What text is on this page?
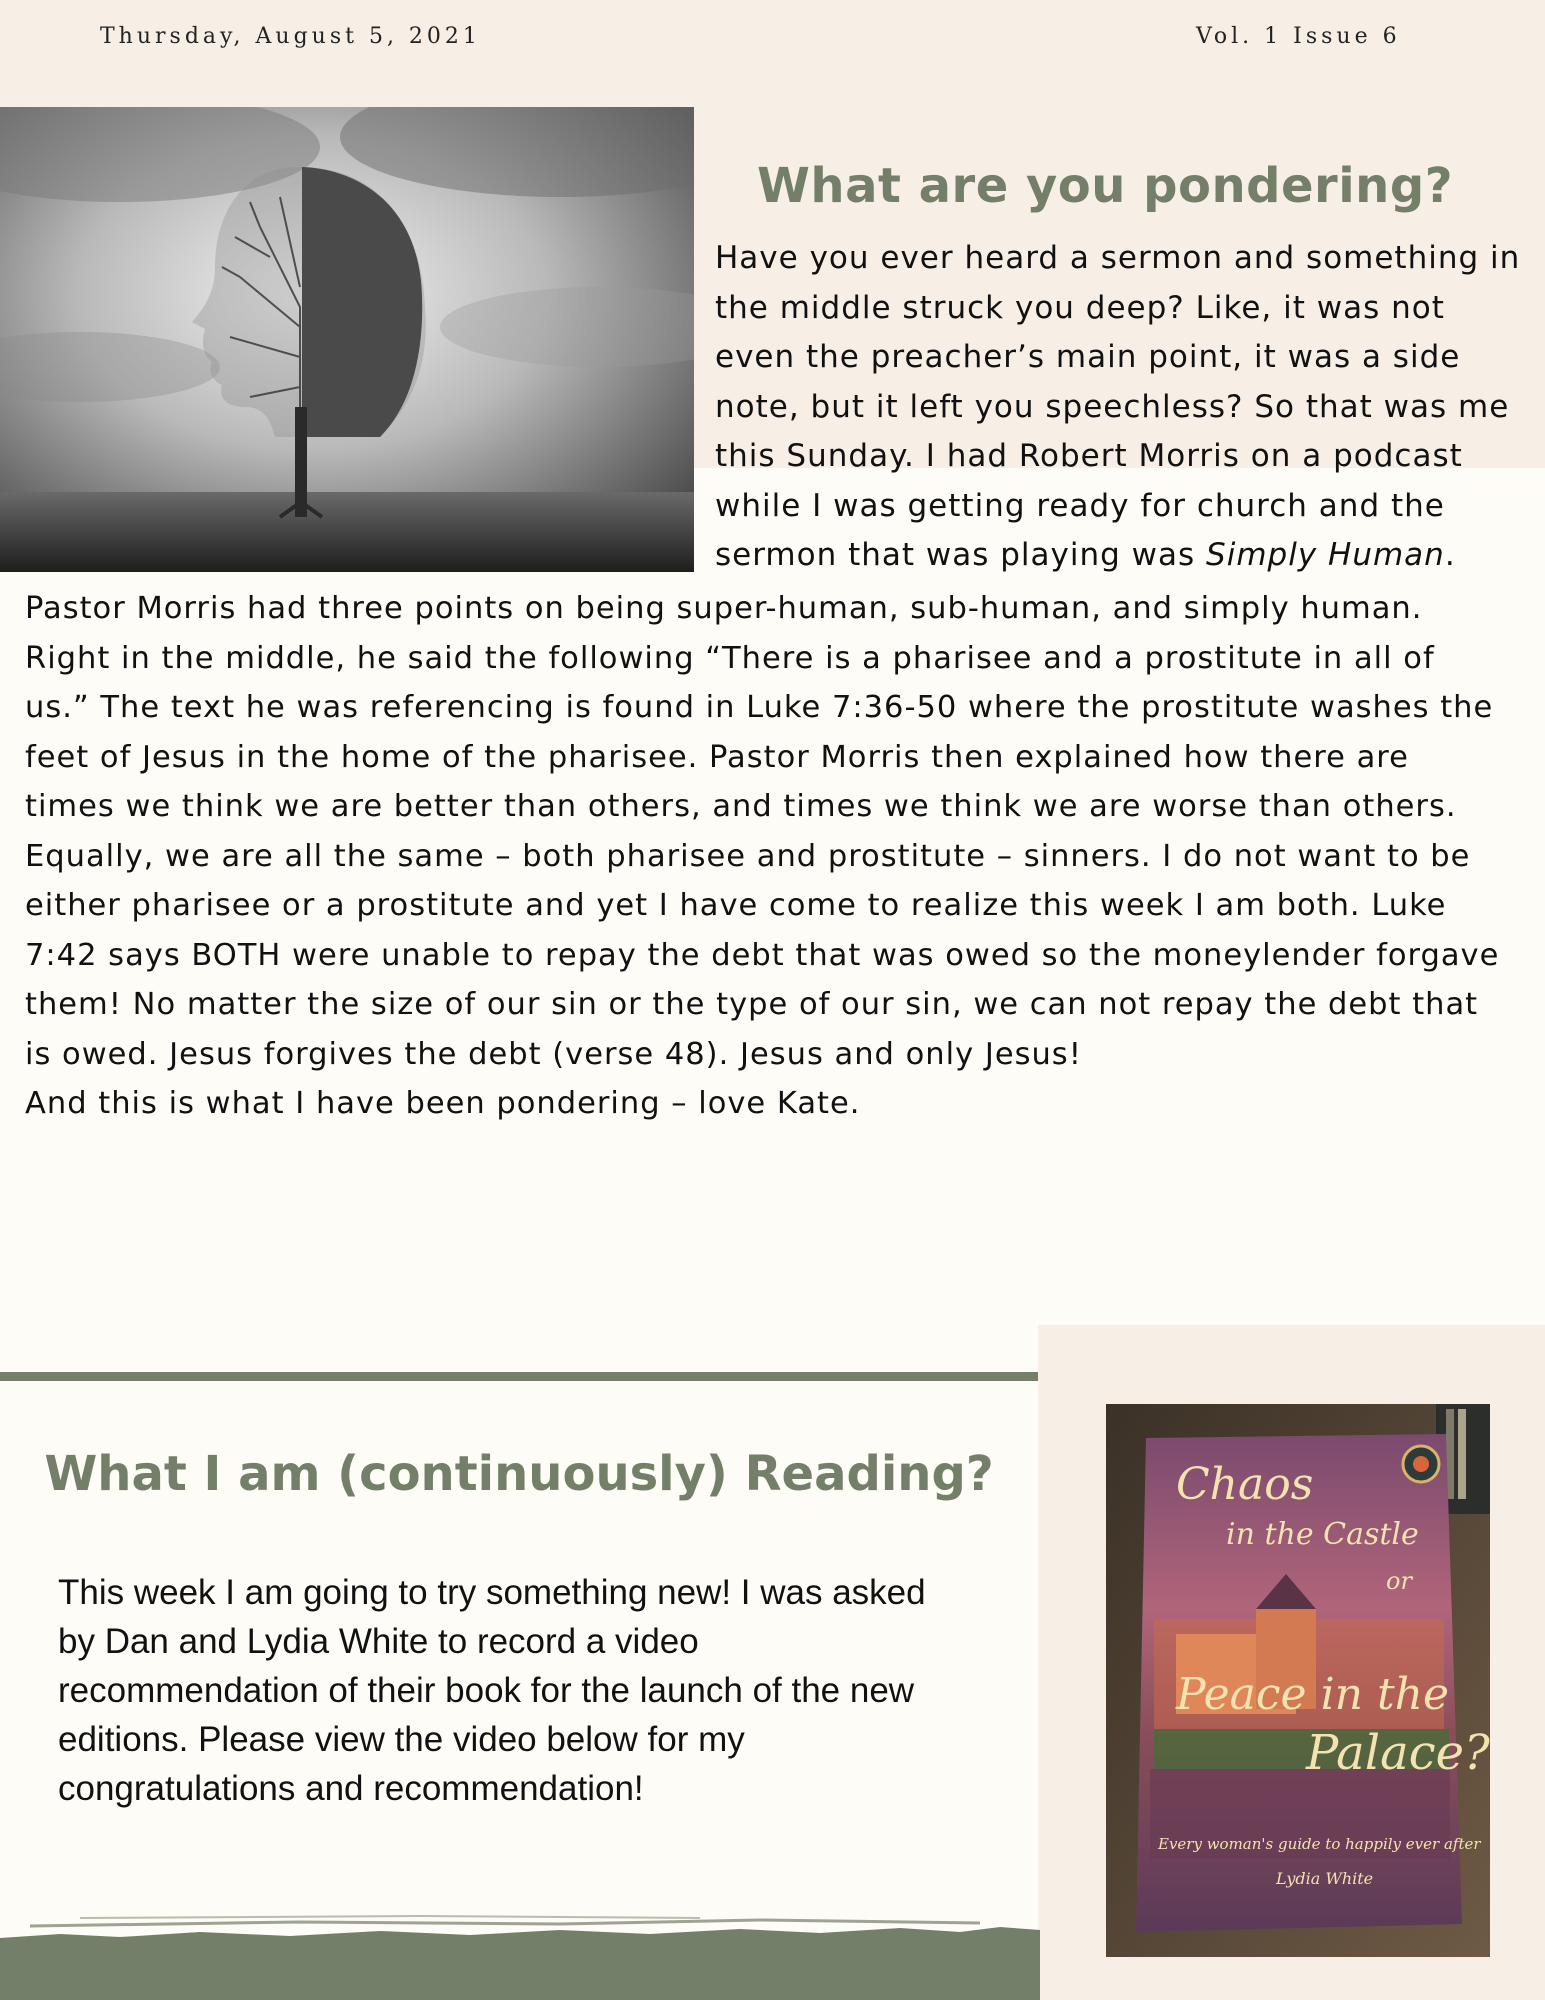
Thursday, August 5, 2021	Vol. 1 Issue 6
What are you pondering?

Have you ever heard a sermon and something in
the middle struck you deep? Like, it was not
even the preacher’s main point, it was a side
note, but it left you speechless? So that was me
this Sunday. I had Robert Morris on a podcast
while I was getting ready for church and the
sermon that was playing was Simply Human.

Pastor Morris had three points on being super-human, sub-human, and simply human.
Right in the middle, he said the following “There is a pharisee and a prostitute in all of
us.” The text he was referencing is found in Luke 7:36-50 where the prostitute washes the
feet of Jesus in the home of the pharisee. Pastor Morris then explained how there are
times we think we are better than others, and times we think we are worse than others.
Equally, we are all the same – both pharisee and prostitute – sinners. I do not want to be
either pharisee or a prostitute and yet I have come to realize this week I am both. Luke
7:42 says BOTH were unable to repay the debt that was owed so the moneylender forgave
them! No matter the size of our sin or the type of our sin, we can not repay the debt that
is owed. Jesus forgives the debt (verse 48). Jesus and only Jesus!
And this is what I have been pondering – love Kate.

What I am (continuously) Reading?

This week I am going to try something new! I was asked
by Dan and Lydia White to record a video
recommendation of their book for the launch of the new
editions. Please view the video below for my
congratulations and recommendation!

Chaos
in the Castle
or
Peace in the
Palace?
Every woman's guide to happily ever after
Lydia White
